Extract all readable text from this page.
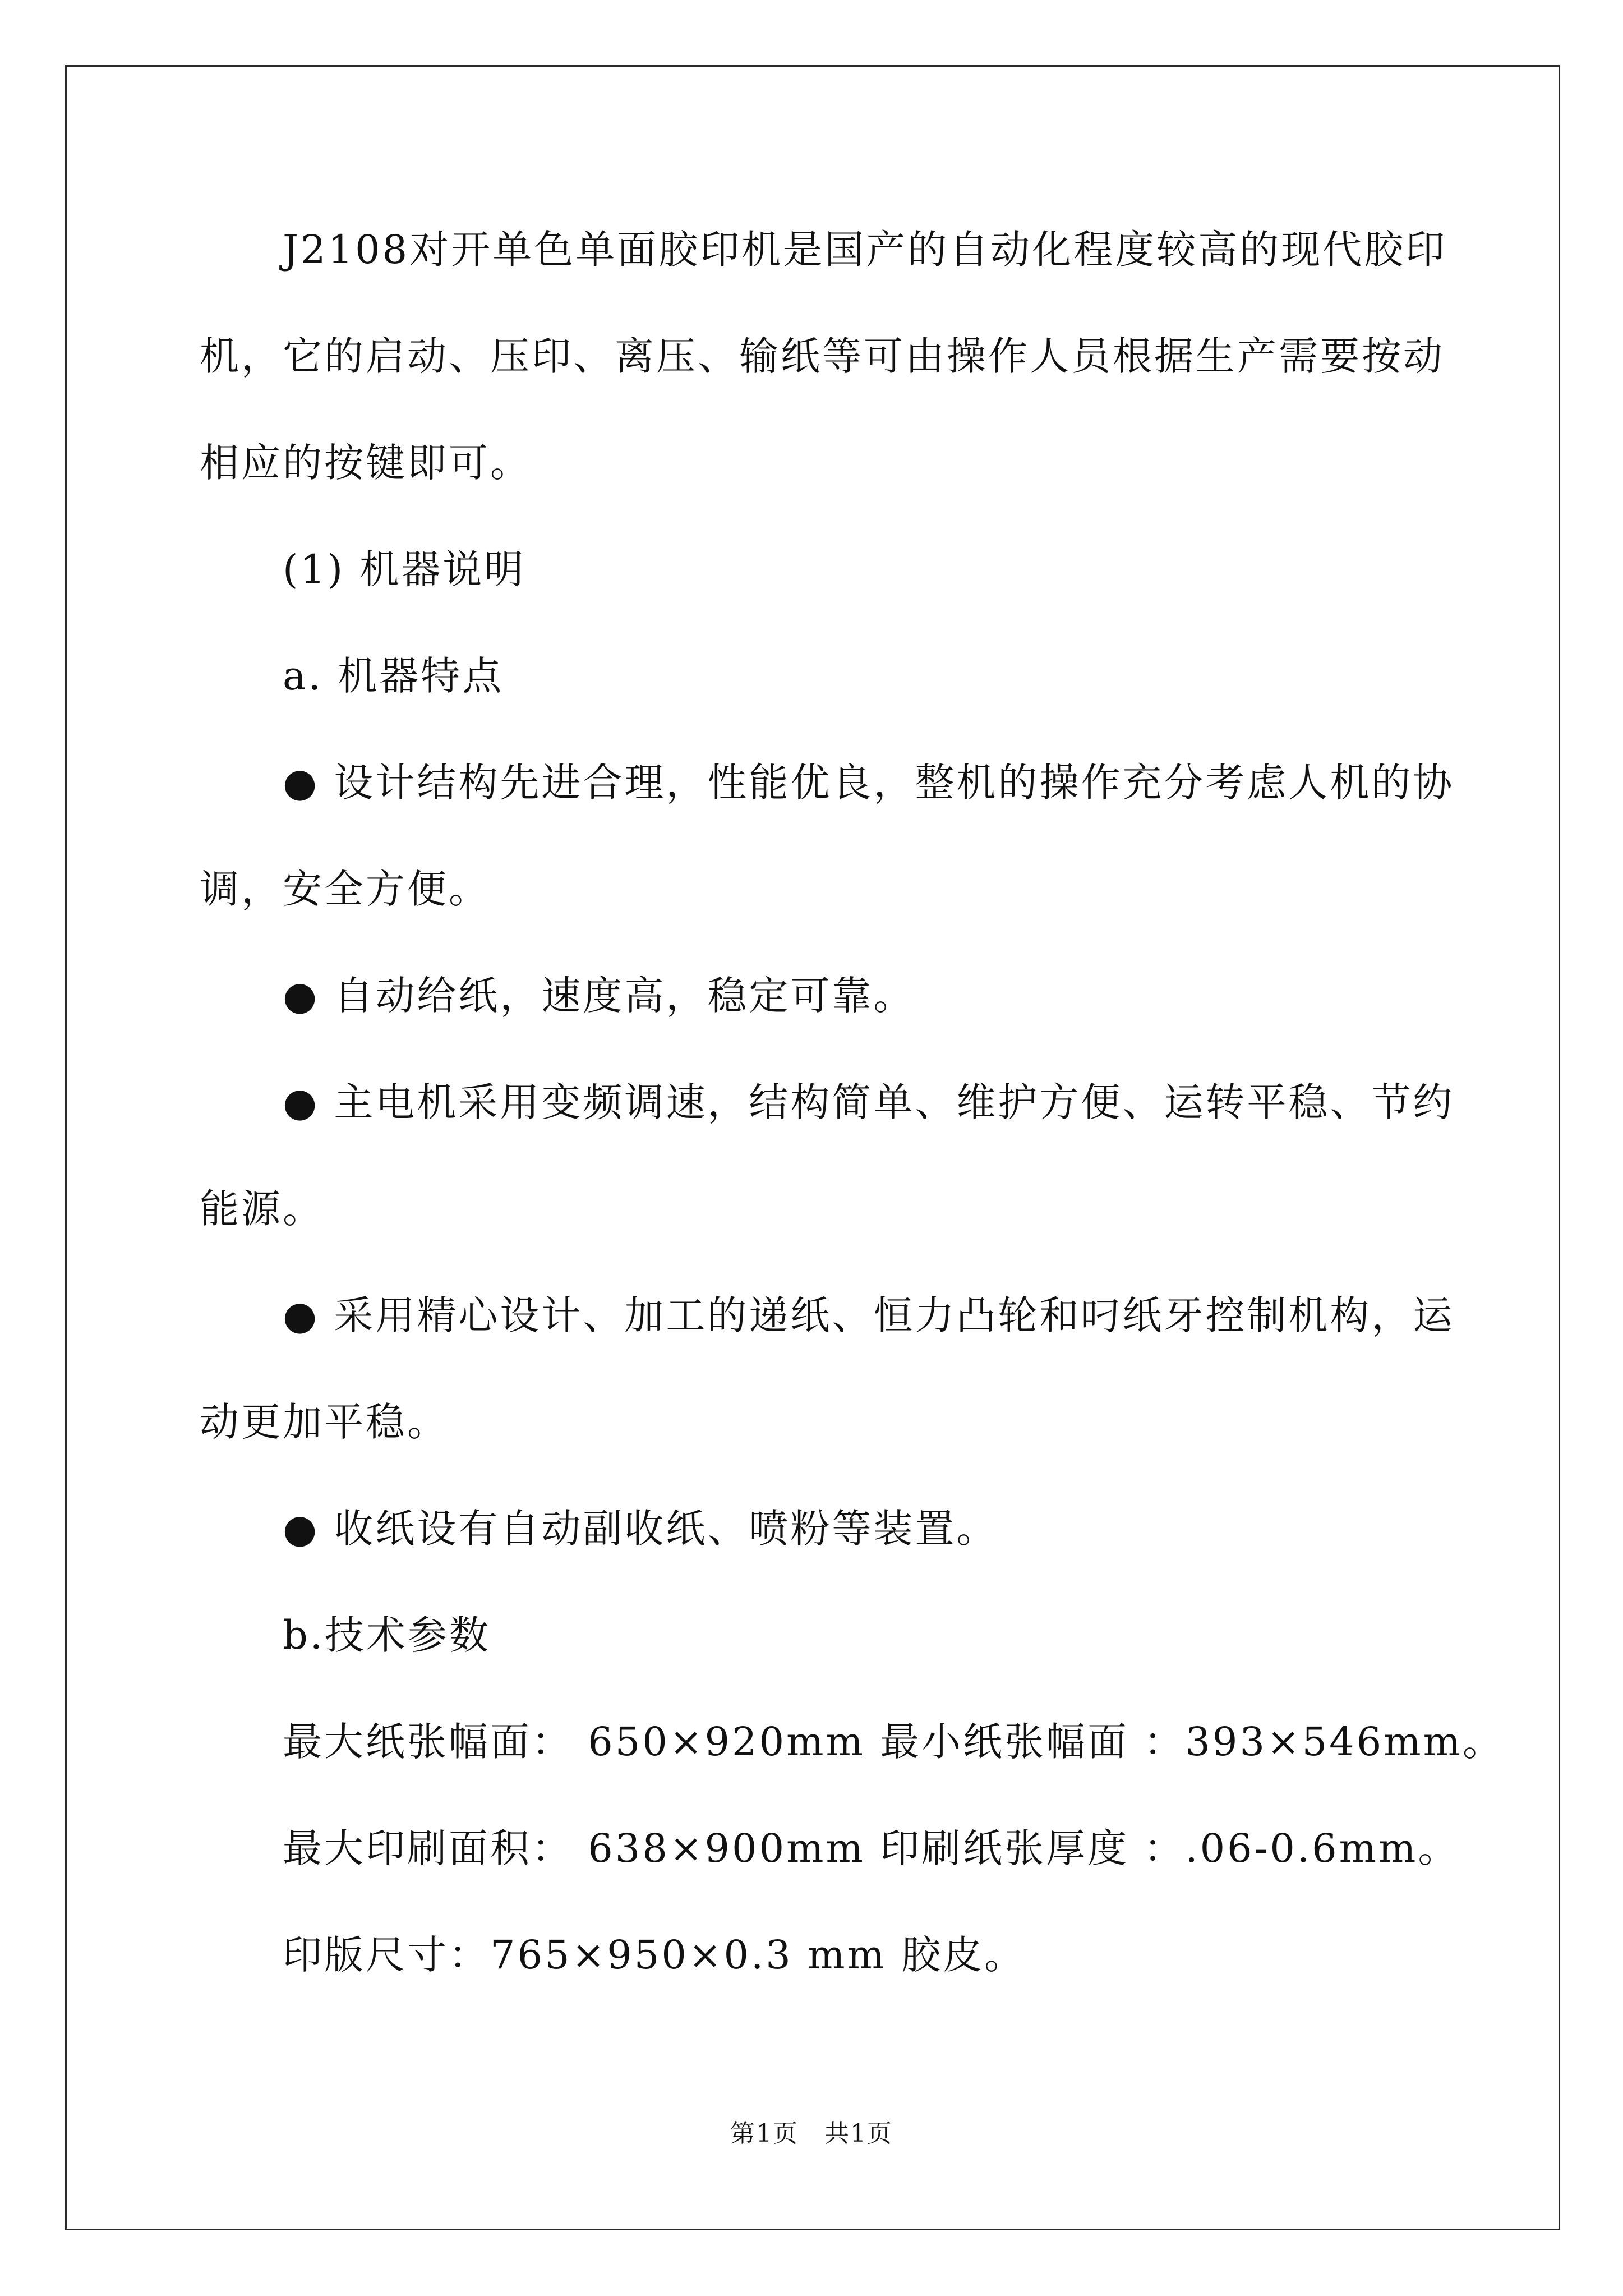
　　J2108对开单色单面胶印机是国产的自动化程度较高的现代胶印
机，它的启动、压印、离压、输纸等可由操作人员根据生产需要按动
相应的按键即可。
　　(1) 机器说明
　　a. 机器特点
　　● 设计结构先进合理，性能优良，整机的操作充分考虑人机的协
调，安全方便。
　　● 自动给纸，速度高，稳定可靠。
　　● 主电机采用变频调速，结构简单、维护方便、运转平稳、节约
能源。
　　● 采用精心设计、加工的递纸、恒力凸轮和叼纸牙控制机构，运
动更加平稳。
　　● 收纸设有自动副收纸、喷粉等装置。
　　b.技术参数
　　最大纸张幅面： 650×920mm 最小纸张幅面 ：393×546mm。
　　最大印刷面积： 638×900mm 印刷纸张厚度 ：.06-0.6mm。
　　印版尺寸：765×950×0.3 mm 胶皮。
第1页　共1页
